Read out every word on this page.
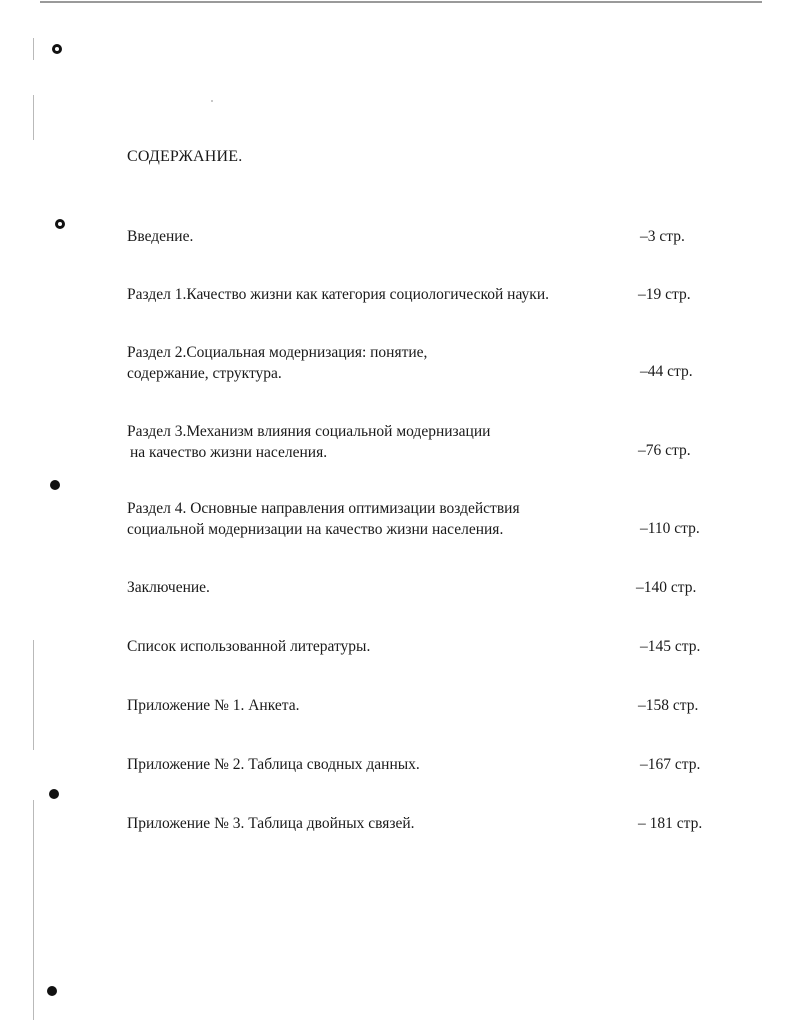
СОДЕРЖАНИЕ.
Введение.	–3 стр.
Раздел 1.Качество жизни как категория социологической науки.	–19 стр.
Раздел 2.Социальная модернизация: понятие,
содержание, структура.	–44 стр.
Раздел 3.Механизм влияния социальной модернизации
на качество жизни населения.	–76 стр.
Раздел 4. Основные направления оптимизации воздействия
социальной модернизации на качество жизни населения.	–110 стр.
Заключение.	–140 стр.
Список использованной литературы.	–145 стр.
Приложение № 1. Анкета.	–158 стр.
Приложение № 2. Таблица сводных данных.	–167 стр.
Приложение № 3. Таблица двойных связей.	– 181 стр.
